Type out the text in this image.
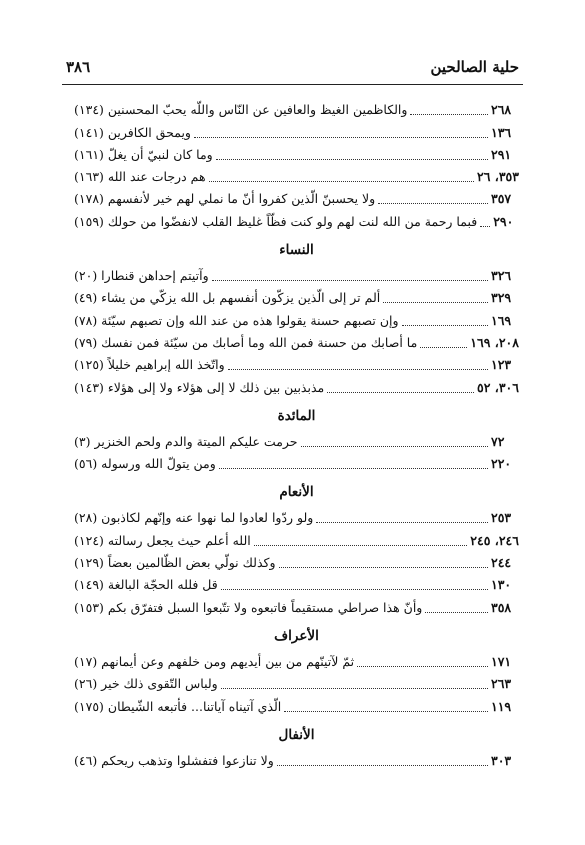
٣٨٦	حلية الصالحين
والكاظمين الغيظ والعافين عن النّاس واللّه يحبّ المحسنين (١٣٤)	٢٦٨
ويمحق الكافرين (١٤١)	١٣٦
وما كان لنبيّ أن يغلّ (١٦١)	٢٩١
هم درجات عند الله (١٦٣)	٣٥٣، ٢٦
ولا يحسبنّ الّذين كفروا أنّ ما نملي لهم خير لأنفسهم (١٧٨)	٣٥٧
فبما رحمة من الله لنت لهم ولو كنت فظّاً غليظ القلب لانفضّوا من حولك (١٥٩) ٢٩٠
النساء
وآتيتم إحداهن قنطارا (٢٠)	٣٢٦
ألم تر إلى الّذين يزكّون أنفسهم بل الله يزكّي من يشاء (٤٩)	٣٢٩
وإن تصبهم حسنة يقولوا هذه من عند الله وإن تصبهم سيّئة (٧٨)	١٦٩
ما أصابك من حسنة فمن الله وما أصابك من سيّئة فمن نفسك (٧٩)	٢٠٨، ١٦٩
واتّخذ الله إبراهيم خليلاً (١٢٥)	١٢٣
مذبذبين بين ذلك لا إلى هؤلاء ولا إلى هؤلاء (١٤٣)	٣٠٦، ٥٢
المائدة
حرمت عليكم الميتة والدم ولحم الخنزير (٣)	٧٢
ومن يتولّ الله ورسوله (٥٦)	٢٢٠
الأنعام
ولو ردّوا لعادوا لما نهوا عنه وإنّهم لكاذبون (٢٨)	٢٥٣
الله أعلم حيث يجعل رسالته (١٢٤)	٢٤٦، ٢٤٥
وكذلك نولّي بعض الظّالمين بعضاً (١٢٩)	٢٤٤
قل فلله الحجّة البالغة (١٤٩)	١٣٠
وأنّ هذا صراطي مستقيماً فاتبعوه ولا تتّبعوا السبل فتفرّق بكم (١٥٣)	٣٥٨
الأعراف
ثمّ لآتينّهم من بين أيديهم ومن خلفهم وعن أيمانهم (١٧)	١٧١
ولباس التّقوى ذلك خير (٢٦)	٢٦٣
الّذي آتيناه آياتنا... فأتبعه الشّيطان (١٧٥)	١١٩
الأنفال
ولا تنازعوا فتفشلوا وتذهب ريحكم (٤٦)	٣٠٣
